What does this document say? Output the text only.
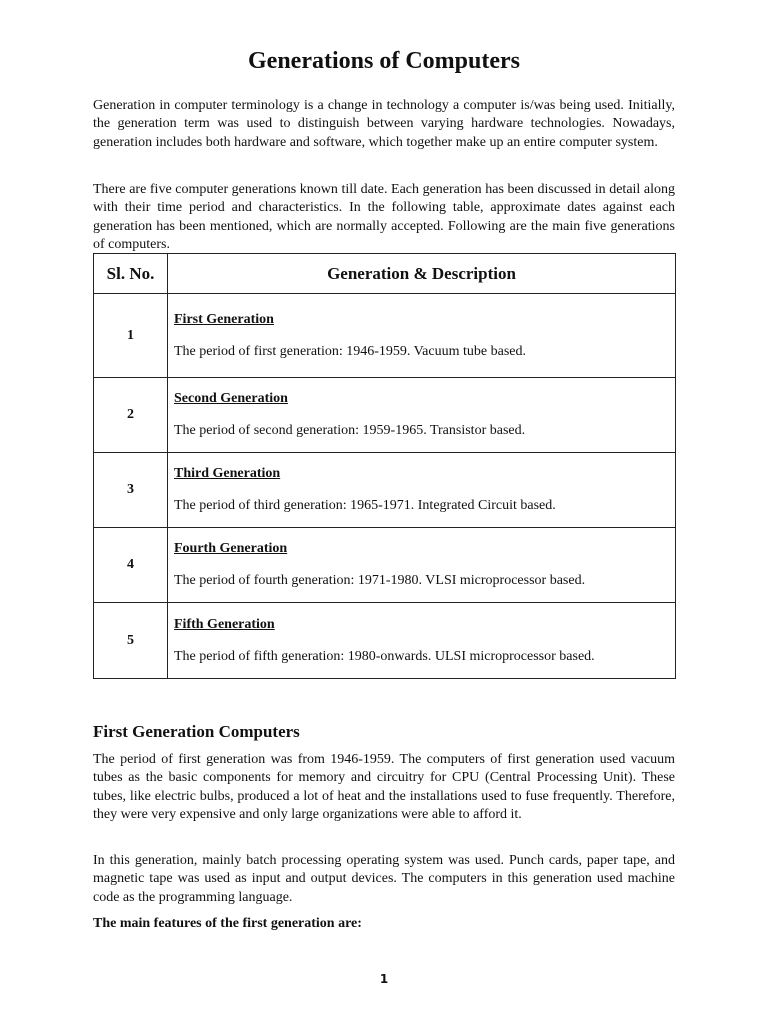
Generations of Computers

Generation in computer terminology is a change in technology a computer is/was being used. Initially, the generation term was used to distinguish between varying hardware technologies. Nowadays, generation includes both hardware and software, which together make up an entire computer system.

There are five computer generations known till date. Each generation has been discussed in detail along with their time period and characteristics. In the following table, approximate dates against each generation has been mentioned, which are normally accepted. Following are the main five generations of computers.

Sl. No.	Generation & Description
1	First Generation
The period of first generation: 1946-1959. Vacuum tube based.

2	Second Generation
The period of second generation: 1959-1965. Transistor based.

3	Third Generation
The period of third generation: 1965-1971. Integrated Circuit based.

4	Fourth Generation
The period of fourth generation: 1971-1980. VLSI microprocessor based.

5	Fifth Generation
The period of fifth generation: 1980-onwards. ULSI microprocessor based.
First Generation Computers

The period of first generation was from 1946-1959. The computers of first generation used vacuum tubes as the basic components for memory and circuitry for CPU (Central Processing Unit). These tubes, like electric bulbs, produced a lot of heat and the installations used to fuse frequently. Therefore, they were very expensive and only large organizations were able to afford it.

In this generation, mainly batch processing operating system was used. Punch cards, paper tape, and magnetic tape was used as input and output devices. The computers in this generation used machine code as the programming language.

The main features of the first generation are:

1
